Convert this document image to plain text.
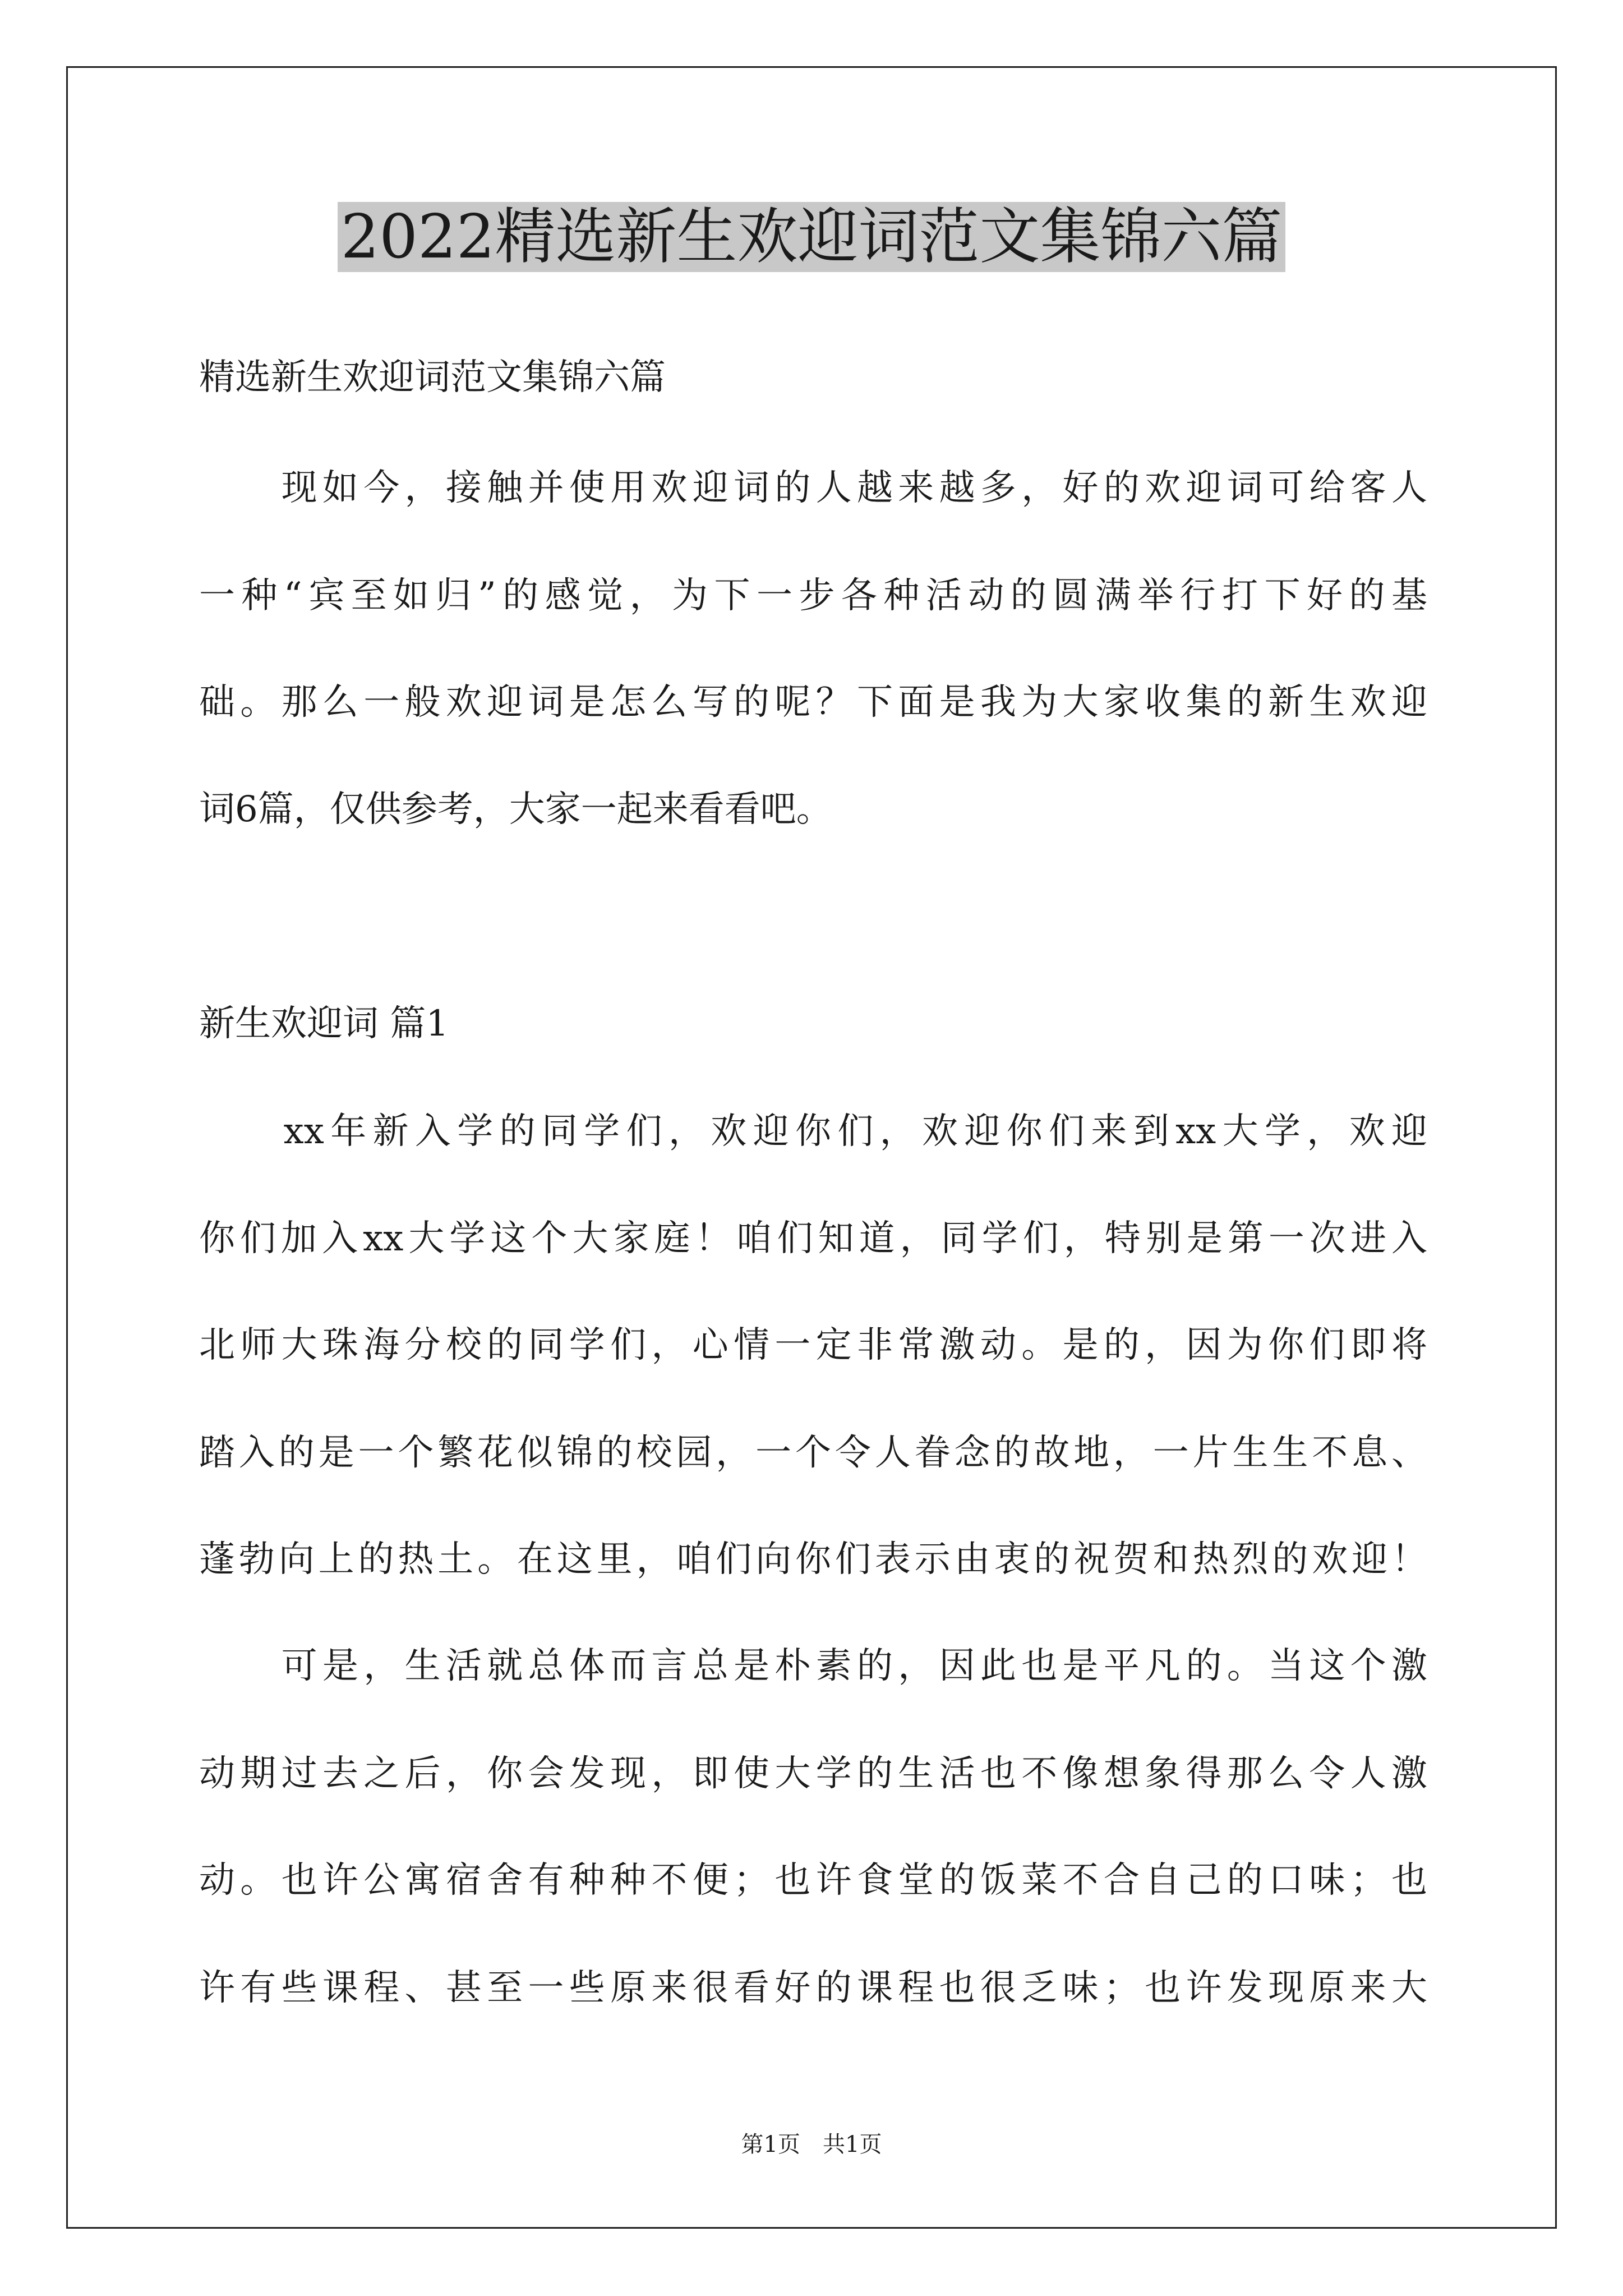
2022精选新生欢迎词范文集锦六篇
精选新生欢迎词范文集锦六篇
　　现如今，接触并使用欢迎词的人越来越多，好的欢迎词可给客人
一种“宾至如归”的感觉，为下一步各种活动的圆满举行打下好的基
础。那么一般欢迎词是怎么写的呢？下面是我为大家收集的新生欢迎
词6篇，仅供参考，大家一起来看看吧。
新生欢迎词 篇1
　　xx年新入学的同学们，欢迎你们，欢迎你们来到xx大学，欢迎
你们加入xx大学这个大家庭！咱们知道，同学们，特别是第一次进入
北师大珠海分校的同学们，心情一定非常激动。是的，因为你们即将
踏入的是一个繁花似锦的校园，一个令人眷念的故地，一片生生不息、
蓬勃向上的热土。在这里，咱们向你们表示由衷的祝贺和热烈的欢迎！
　　可是，生活就总体而言总是朴素的，因此也是平凡的。当这个激
动期过去之后，你会发现，即使大学的生活也不像想象得那么令人激
动。也许公寓宿舍有种种不便；也许食堂的饭菜不合自己的口味；也
许有些课程、甚至一些原来很看好的课程也很乏味；也许发现原来大
第1页　共1页
